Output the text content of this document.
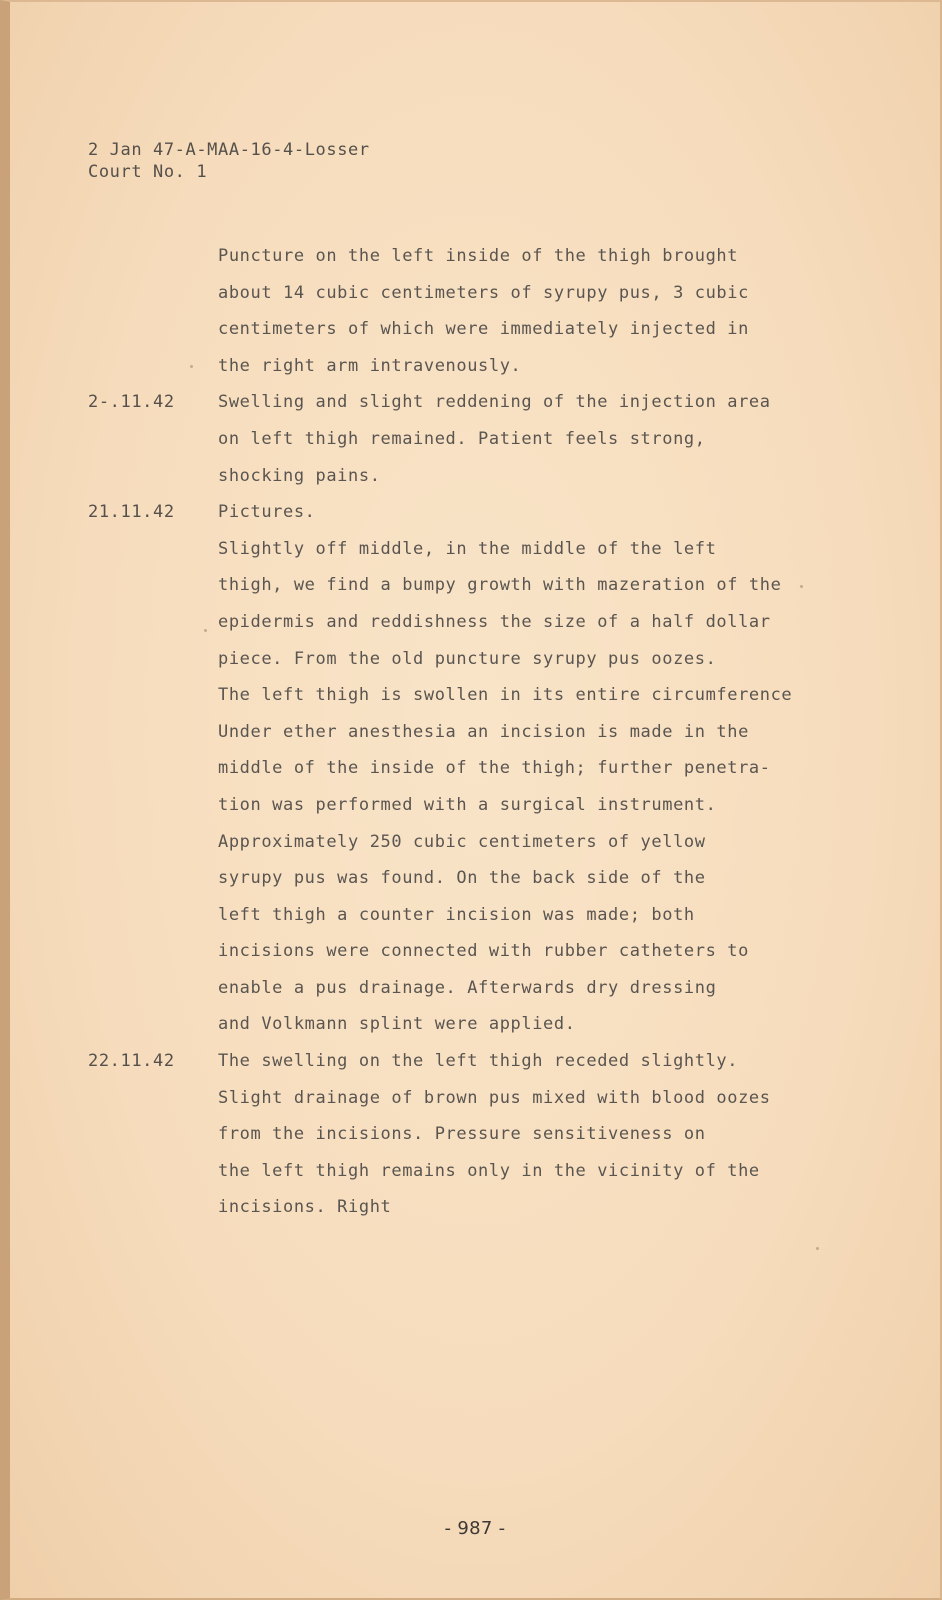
2 Jan 47-A-MAA-16-4-Losser
Court No. 1
Puncture on the left inside of the thigh brought
about 14 cubic centimeters of syrupy pus, 3 cubic
centimeters of which were immediately injected in
the right arm intravenously.
2-.11.42	Swelling and slight reddening of the injection area
on left thigh remained. Patient feels strong,
shocking pains.
21.11.42	Pictures.
Slightly off middle, in the middle of the left
thigh, we find a bumpy growth with mazeration of the
epidermis and reddishness the size of a half dollar
piece. From the old puncture syrupy pus oozes.
The left thigh is swollen in its entire circumference
Under ether anesthesia an incision is made in the
middle of the inside of the thigh; further penetra-
tion was performed with a surgical instrument.
Approximately 250 cubic centimeters of yellow
syrupy pus was found. On the back side of the
left thigh a counter incision was made; both
incisions were connected with rubber catheters to
enable a pus drainage. Afterwards dry dressing
and Volkmann splint were applied.
22.11.42	The swelling on the left thigh receded slightly.
Slight drainage of brown pus mixed with blood oozes
from the incisions. Pressure sensitiveness on
the left thigh remains only in the vicinity of the
incisions. Right
- 987 -
